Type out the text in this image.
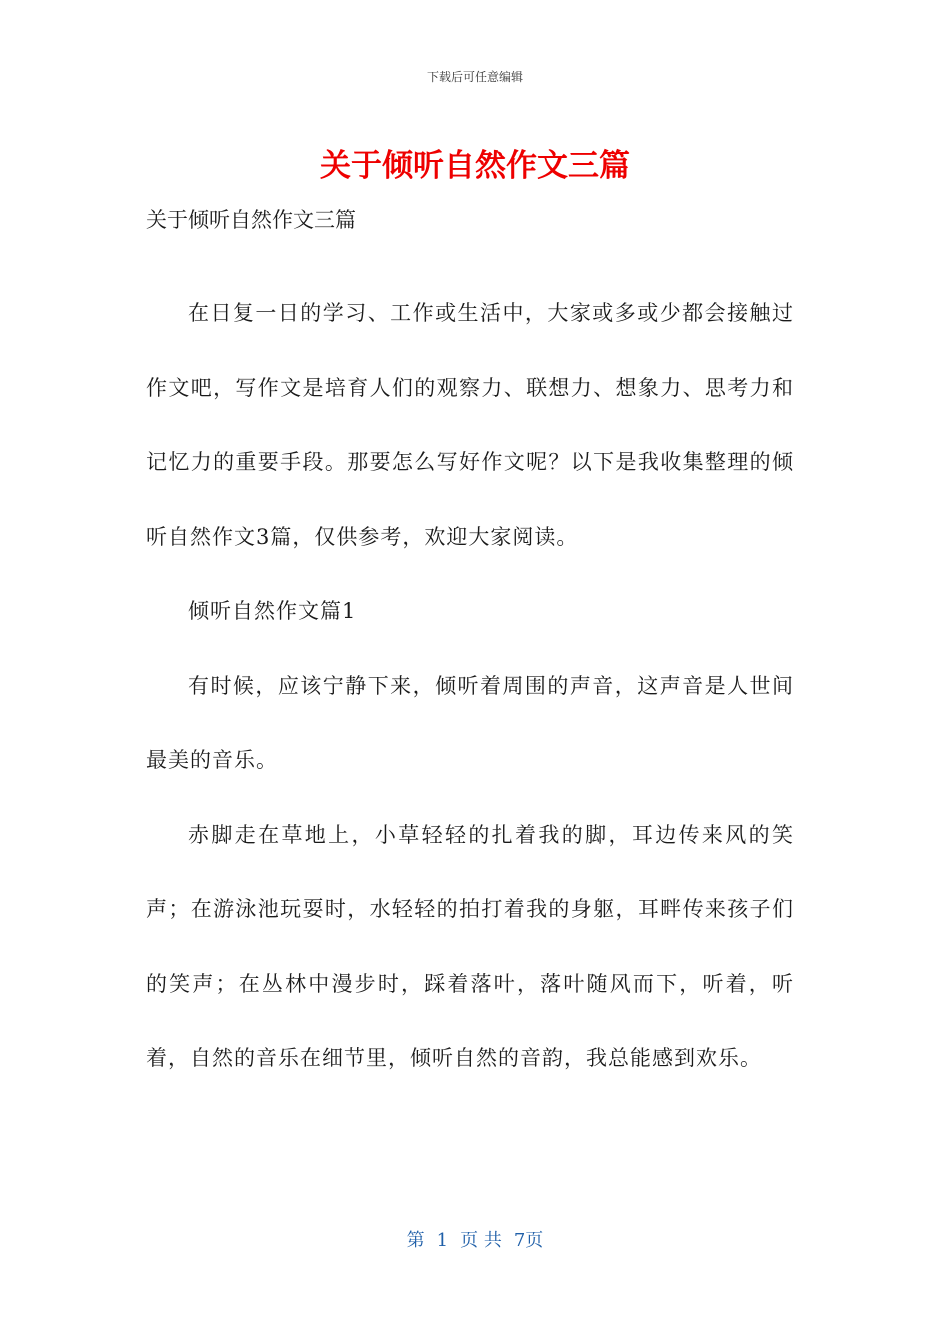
下载后可任意编辑
关于倾听自然作文三篇

关于倾听自然作文三篇

在日复一日的学习、工作或生活中，大家或多或少都会接触过作文吧，写作文是培育人们的观察力、联想力、想象力、思考力和记忆力的重要手段。那要怎么写好作文呢？以下是我收集整理的倾听自然作文3篇，仅供参考，欢迎大家阅读。

倾听自然作文篇1

有时候，应该宁静下来，倾听着周围的声音，这声音是人世间最美的音乐。

赤脚走在草地上，小草轻轻的扎着我的脚，耳边传来风的笑声；在游泳池玩耍时，水轻轻的拍打着我的身躯，耳畔传来孩子们的笑声；在丛林中漫步时，踩着落叶，落叶随风而下，听着，听着，自然的音乐在细节里，倾听自然的音韵，我总能感到欢乐。

第 1 页 共 7页
